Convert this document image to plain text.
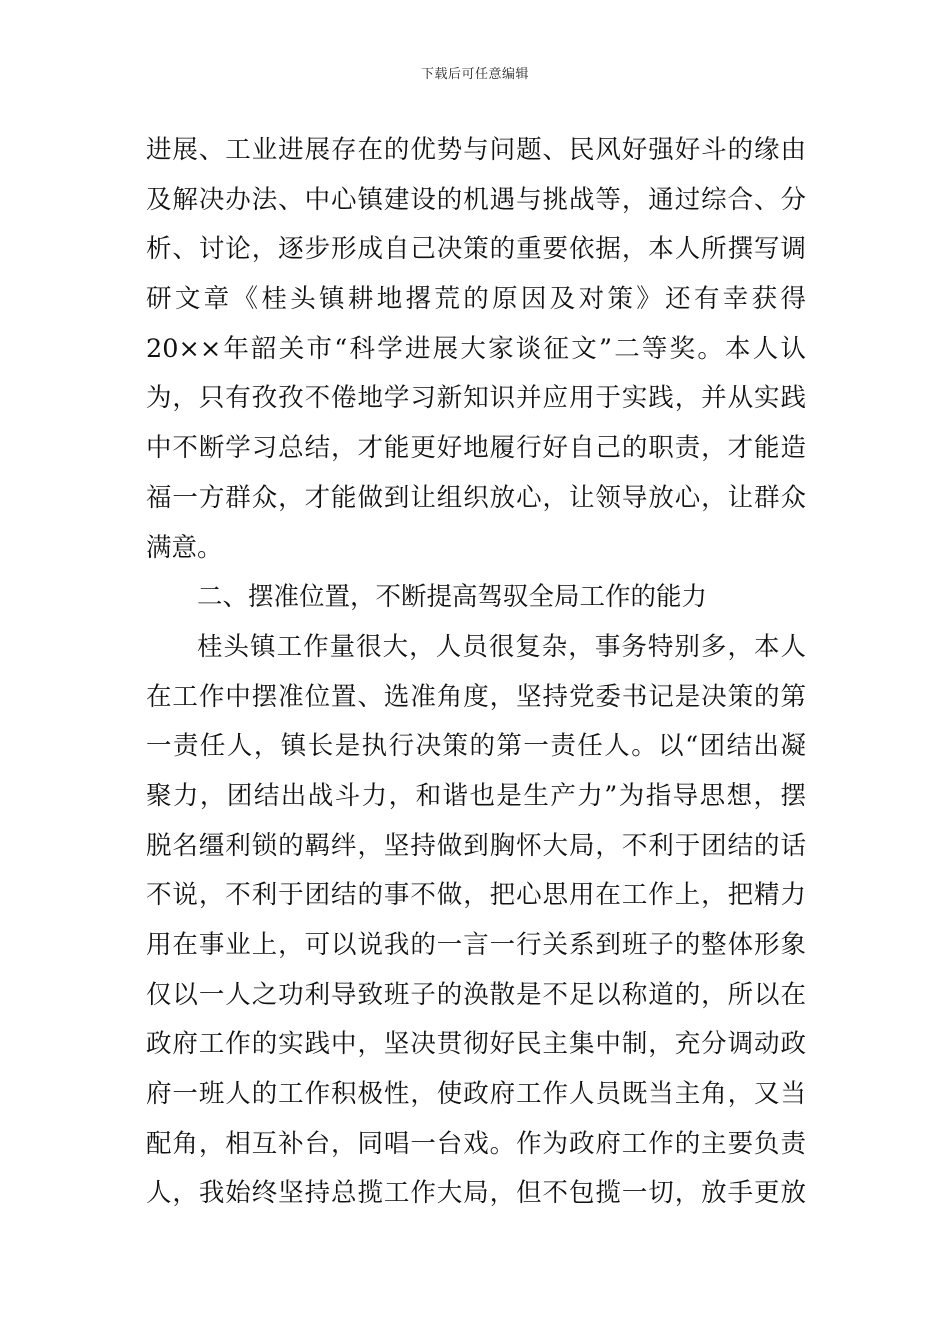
下载后可任意编辑
进展、工业进展存在的优势与问题、民风好强好斗的缘由
及解决办法、中心镇建设的机遇与挑战等，通过综合、分
析、讨论，逐步形成自己决策的重要依据，本人所撰写调
研文章《桂头镇耕地撂荒的原因及对策》还有幸获得
20××年韶关市“科学进展大家谈征文”二等奖。本人认
为，只有孜孜不倦地学习新知识并应用于实践，并从实践
中不断学习总结，才能更好地履行好自己的职责，才能造
福一方群众，才能做到让组织放心，让领导放心，让群众
满意。
二、摆准位置，不断提高驾驭全局工作的能力
桂头镇工作量很大，人员很复杂，事务特别多，本人
在工作中摆准位置、选准角度，坚持党委书记是决策的第
一责任人，镇长是执行决策的第一责任人。以“团结出凝
聚力，团结出战斗力，和谐也是生产力”为指导思想，摆
脱名缰利锁的羁绊，坚持做到胸怀大局，不利于团结的话
不说，不利于团结的事不做，把心思用在工作上，把精力
用在事业上，可以说我的一言一行关系到班子的整体形象
仅以一人之功利导致班子的涣散是不足以称道的，所以在
政府工作的实践中，坚决贯彻好民主集中制，充分调动政
府一班人的工作积极性，使政府工作人员既当主角，又当
配角，相互补台，同唱一台戏。作为政府工作的主要负责
人，我始终坚持总揽工作大局，但不包揽一切，放手更放
